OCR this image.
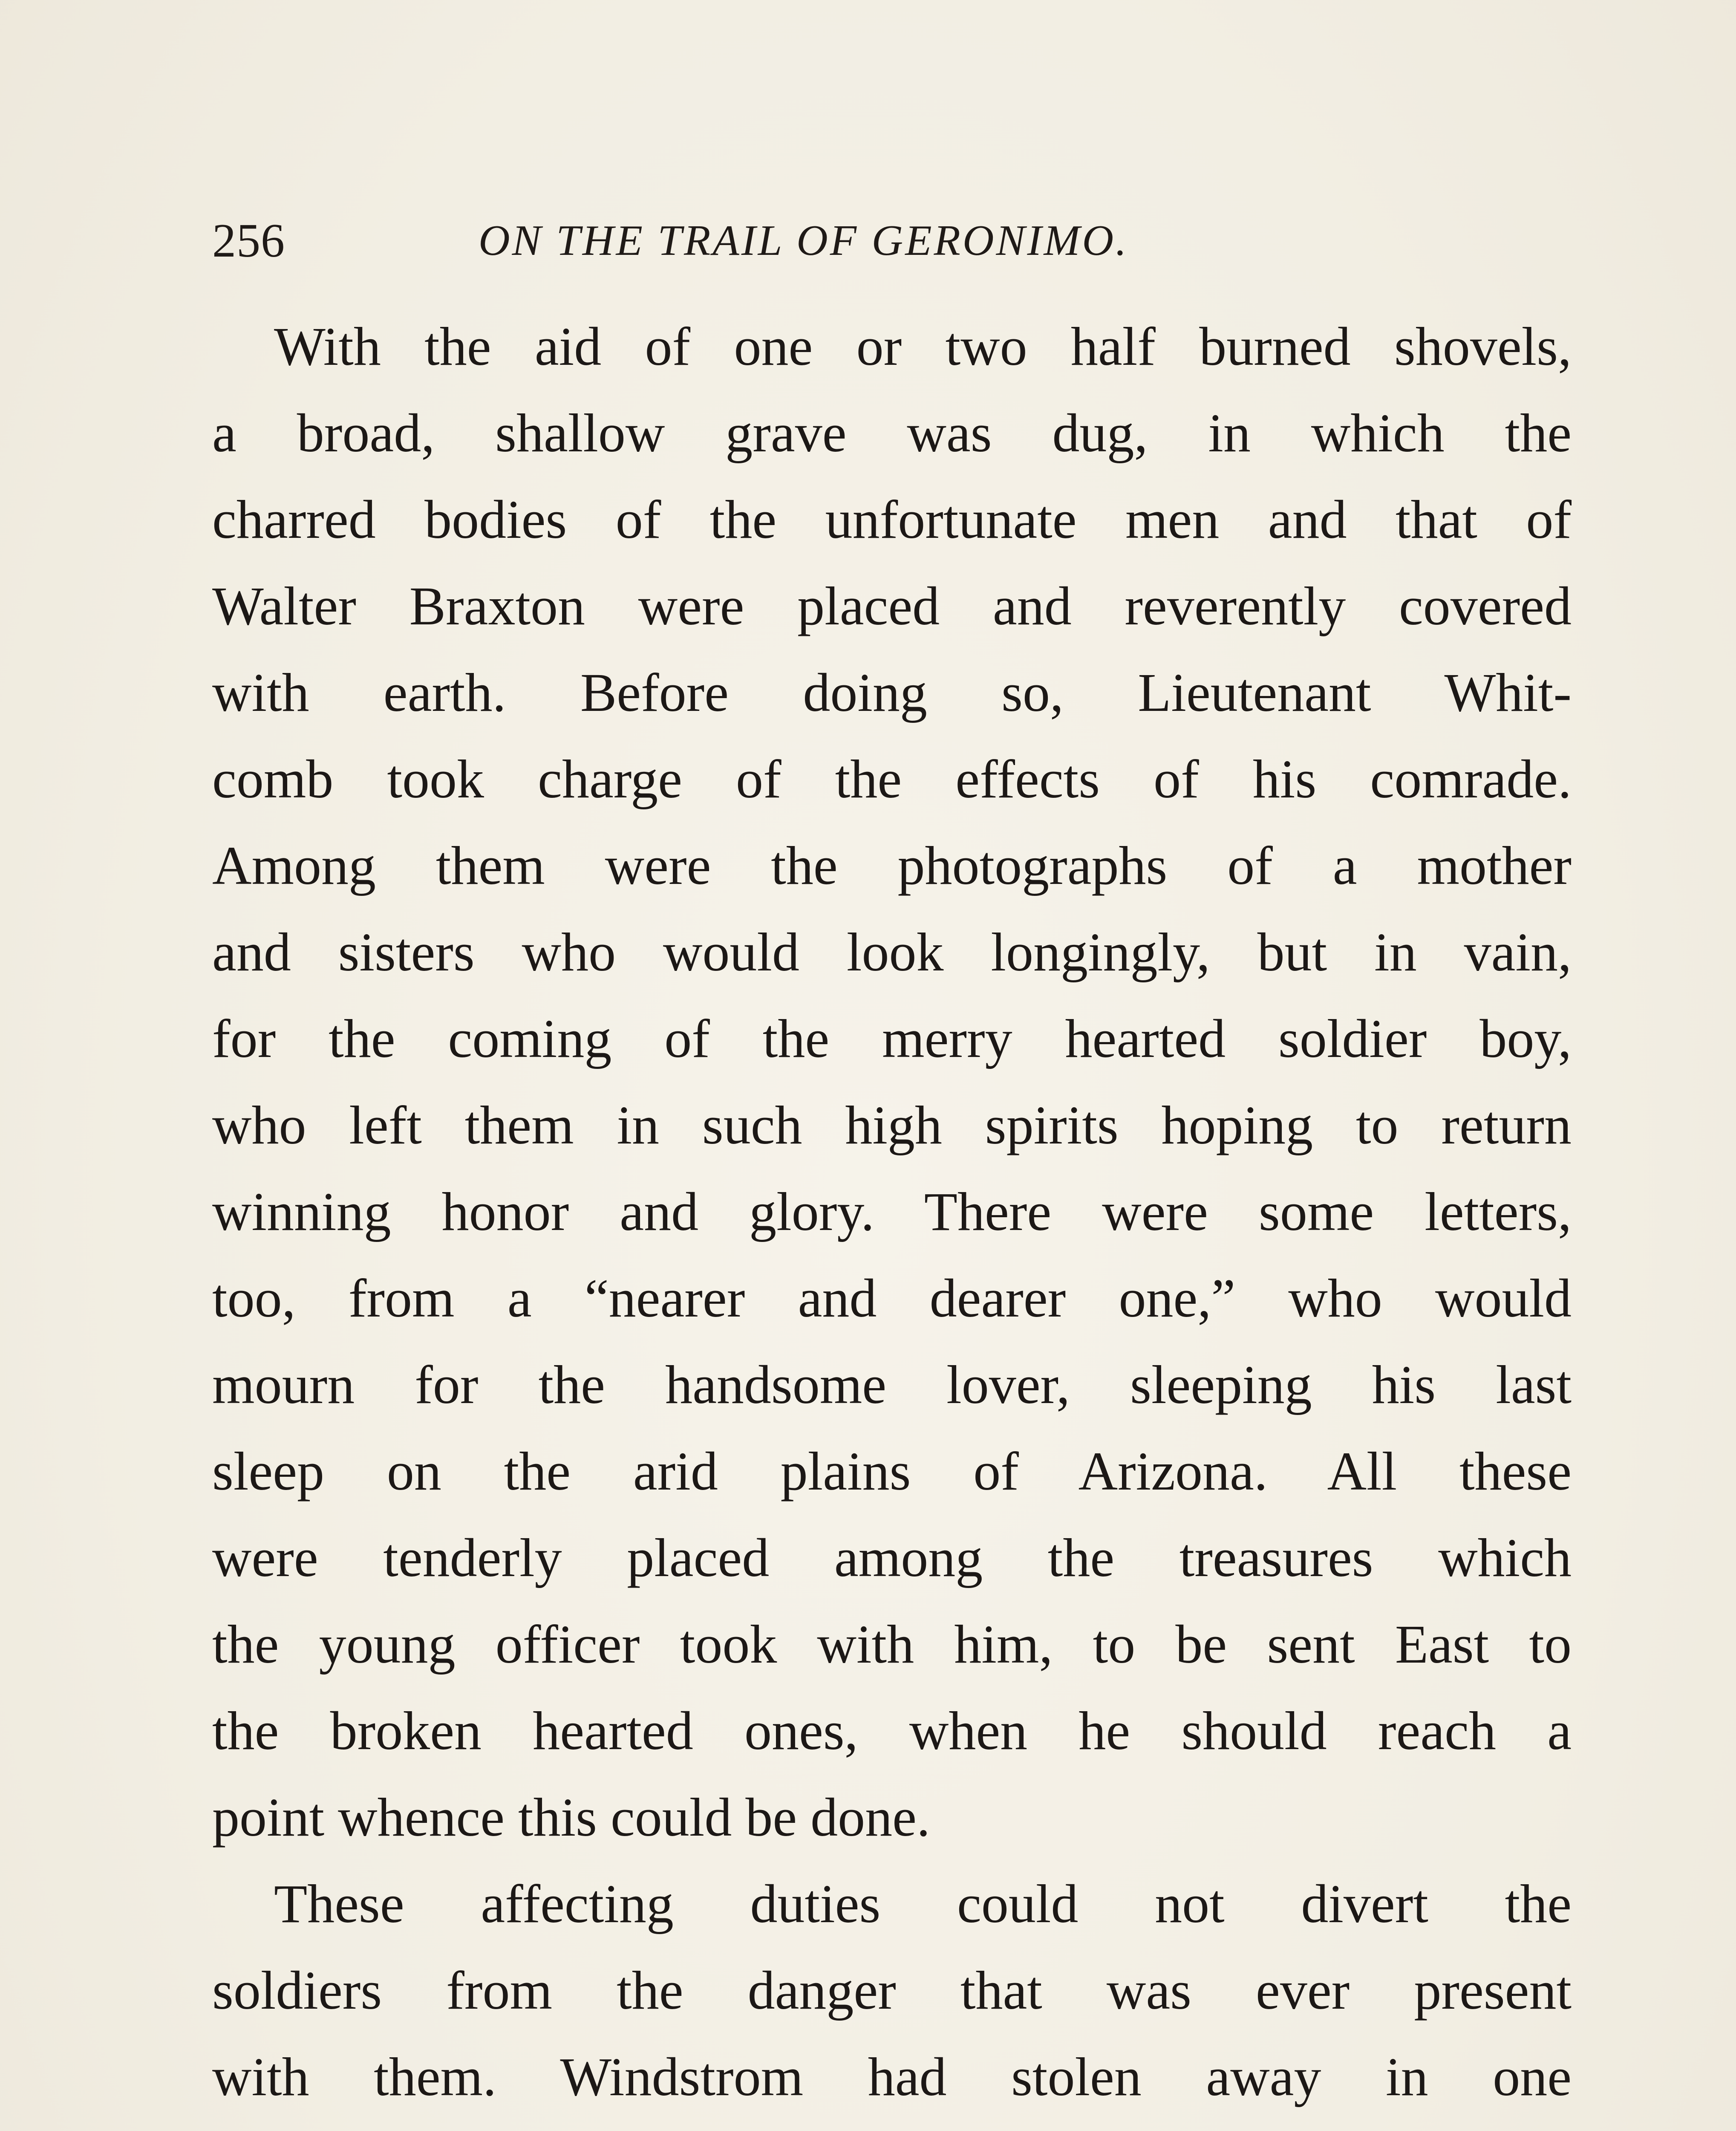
256	ON THE TRAIL OF GERONIMO.
With the aid of one or two half burned shovels,
a broad, shallow grave was dug, in which the
charred bodies of the unfortunate men and that of
Walter Braxton were placed and reverently covered
with earth. Before doing so, Lieutenant Whit-
comb took charge of the effects of his comrade.
Among them were the photographs of a mother
and sisters who would look longingly, but in vain,
for the coming of the merry hearted soldier boy,
who left them in such high spirits hoping to return
winning honor and glory. There were some letters,
too, from a “nearer and dearer one,” who would
mourn for the handsome lover, sleeping his last
sleep on the arid plains of Arizona. All these
were tenderly placed among the treasures which
the young officer took with him, to be sent East to
the broken hearted ones, when he should reach a
point whence this could be done.
These affecting duties could not divert the
soldiers from the danger that was ever present
with them. Windstrom had stolen away in one
